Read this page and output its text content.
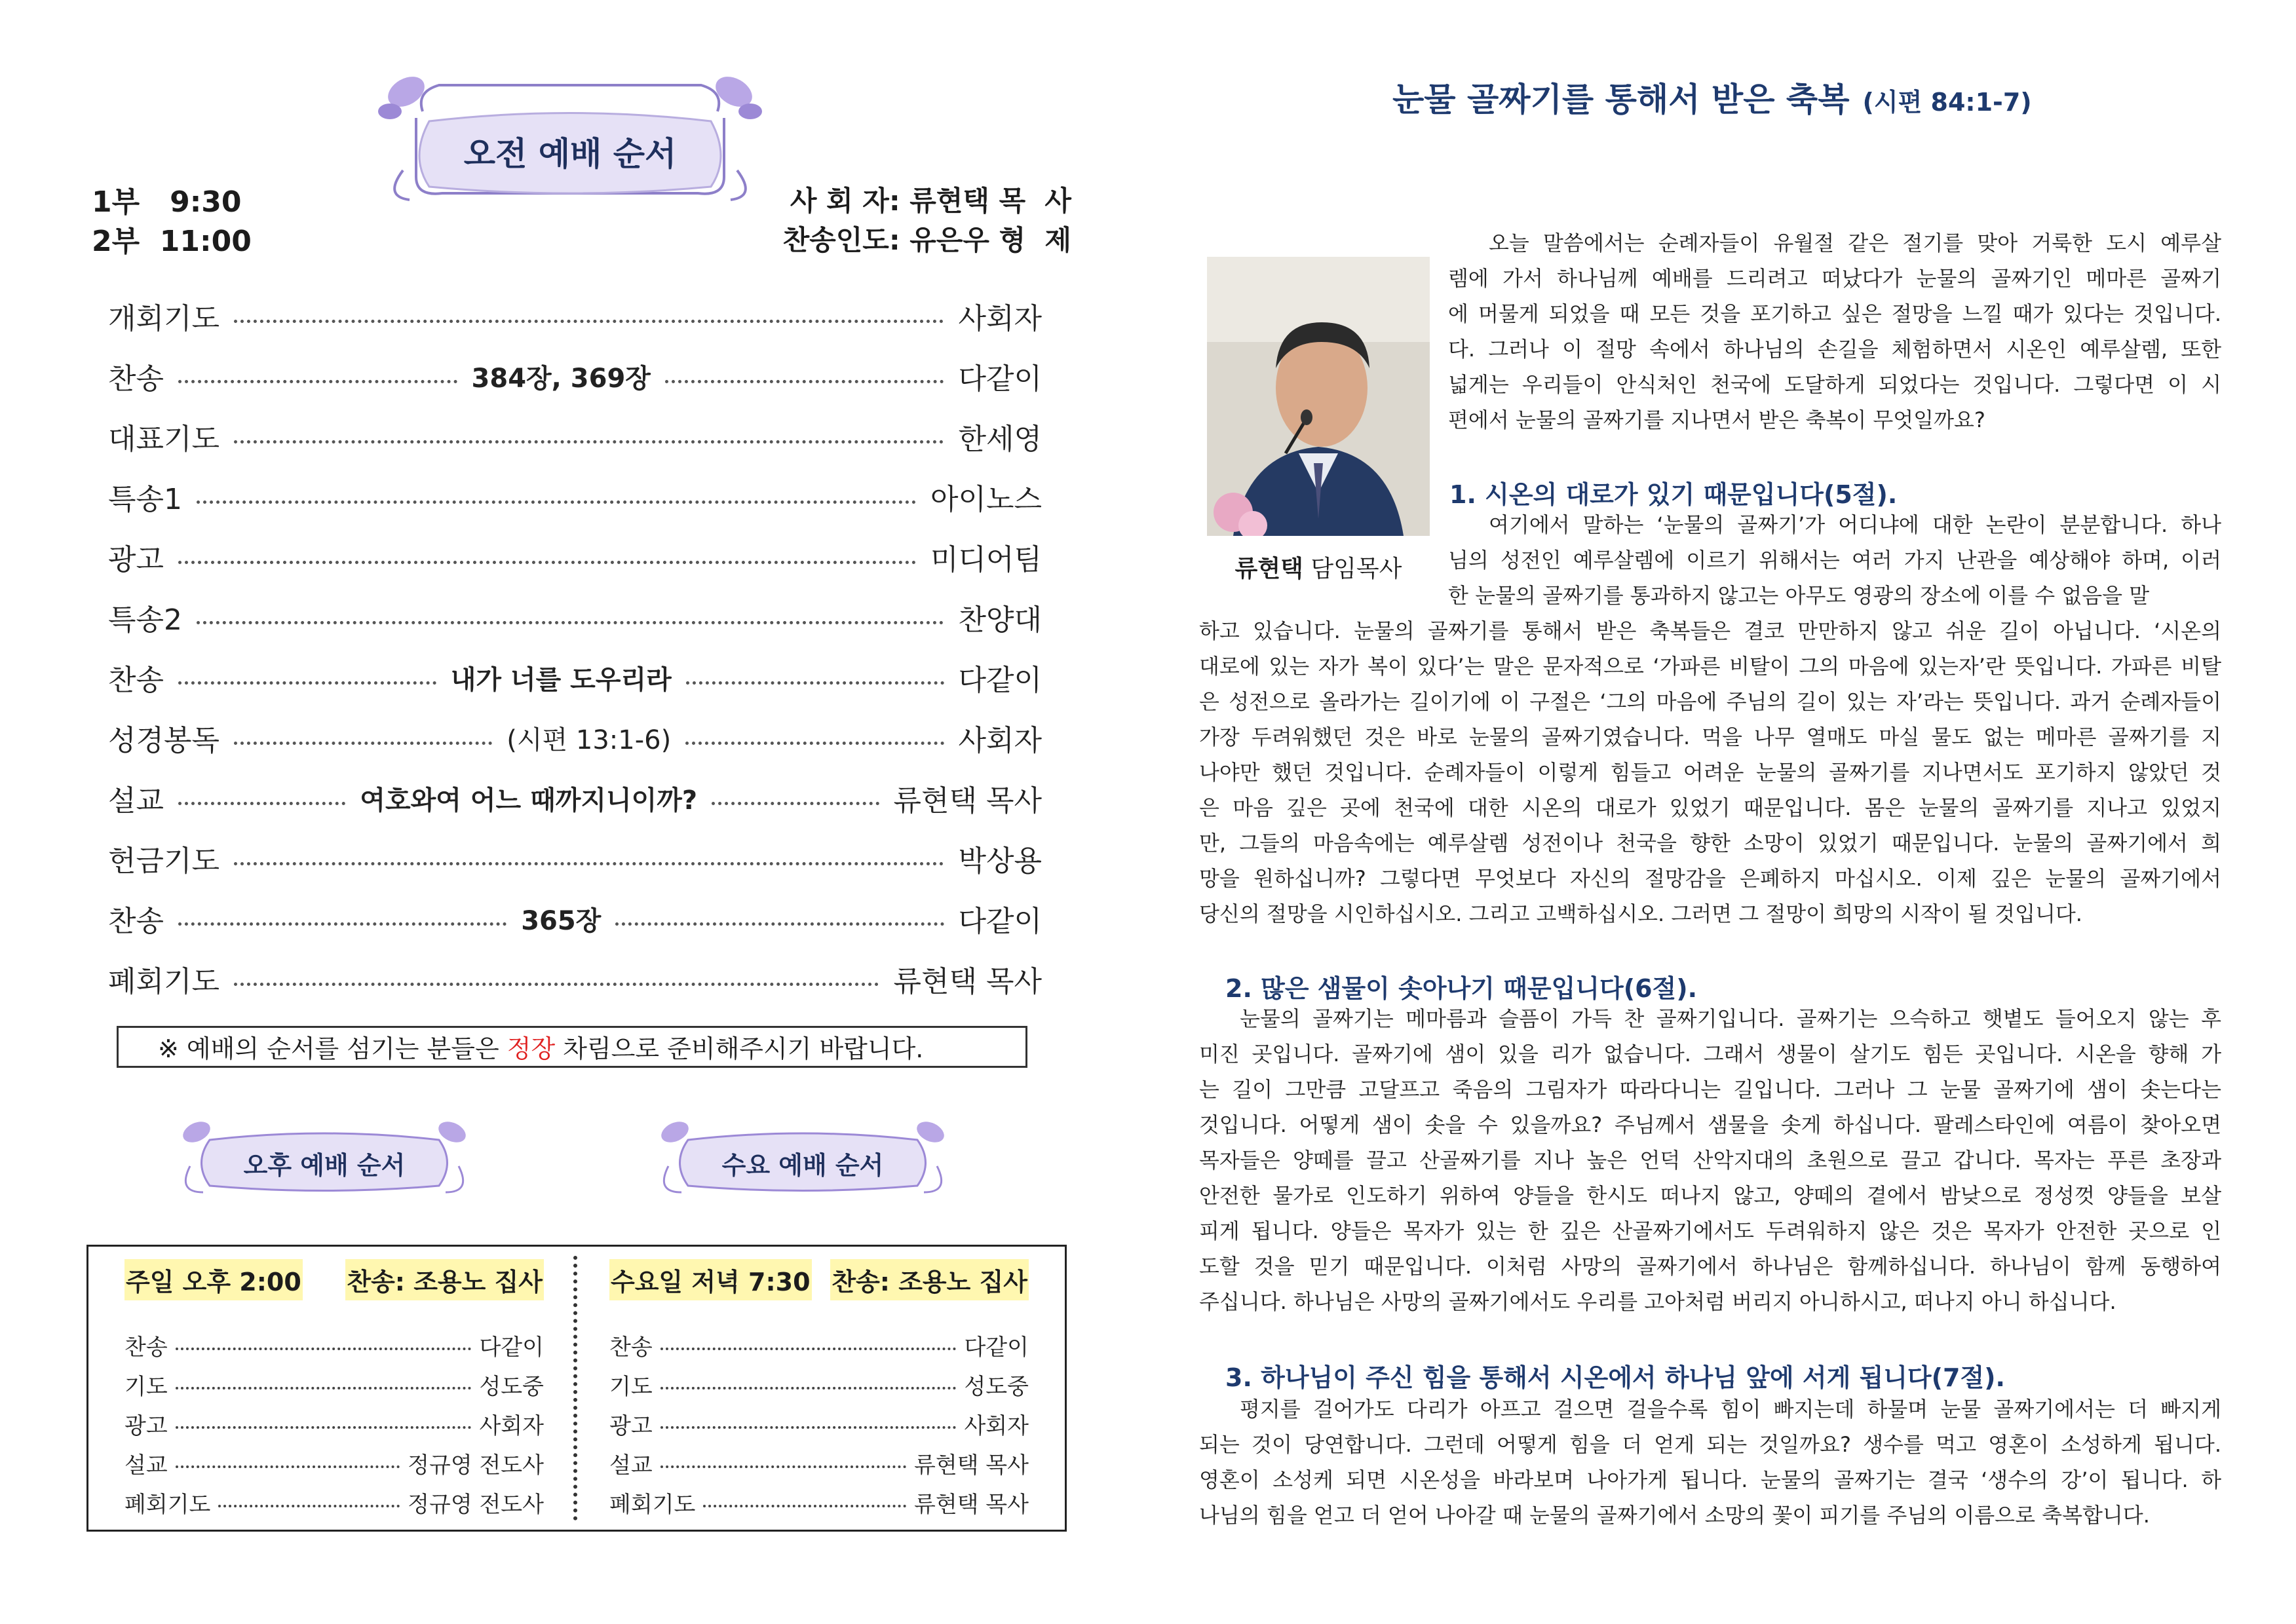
오전 예배 순서
1부   9:30
2부  11:00
사 회 자: 류현택 목  사
찬송인도: 유은우 형  제
개회기도	사회자
찬송	384장, 369장	다같이
대표기도	한세영
특송1	아이노스
광고	미디어팀
특송2	찬양대
찬송	내가 너를 도우리라	다같이
성경봉독	(시편 13:1-6)	사회자
설교	여호와여 어느 때까지니이까?	류현택 목사
헌금기도	박상용
찬송	365장	다같이
폐회기도	류현택 목사
※ 예배의 순서를 섬기는 분들은 정장 차림으로 준비해주시기 바랍니다.
오후 예배 순서	수요 예배 순서
주일 오후 2:00 찬송: 조용노 집사
찬송	다같이
기도	성도중
광고	사회자
설교	정규영 전도사
폐회기도	정규영 전도사
수요일 저녁 7:30 찬송: 조용노 집사
찬송	다같이
기도	성도중
광고	사회자
설교	류현택 목사
폐회기도	류현택 목사
눈물 골짜기를 통해서 받은 축복 (시편 84:1-7)
류현택 담임목사
오늘 말씀에서는 순례자들이 유월절 같은 절기를 맞아 거룩한 도시 예루살
렘에 가서 하나님께 예배를 드리려고 떠났다가 눈물의 골짜기인 메마른 골짜기
에 머물게 되었을 때 모든 것을 포기하고 싶은 절망을 느낄 때가 있다는 것입니다.
다. 그러나 이 절망 속에서 하나님의 손길을 체험하면서 시온인 예루살렘, 또한
넓게는 우리들이 안식처인 천국에 도달하게 되었다는 것입니다. 그렇다면 이 시
편에서 눈물의 골짜기를 지나면서 받은 축복이 무엇일까요?
1. 시온의 대로가 있기 때문입니다(5절).
여기에서 말하는 ‘눈물의 골짜기’가 어디냐에 대한 논란이 분분합니다. 하나
님의 성전인 예루살렘에 이르기 위해서는 여러 가지 난관을 예상해야 하며, 이러
한 눈물의 골짜기를 통과하지 않고는 아무도 영광의 장소에 이를 수 없음을 말
하고 있습니다. 눈물의 골짜기를 통해서 받은 축복들은 결코 만만하지 않고 쉬운 길이 아닙니다. ‘시온의
대로에 있는 자가 복이 있다’는 말은 문자적으로 ‘가파른 비탈이 그의 마음에 있는자’란 뜻입니다. 가파른 비탈
은 성전으로 올라가는 길이기에 이 구절은 ‘그의 마음에 주님의 길이 있는 자’라는 뜻입니다. 과거 순례자들이
가장 두려워했던 것은 바로 눈물의 골짜기였습니다. 먹을 나무 열매도 마실 물도 없는 메마른 골짜기를 지
나야만 했던 것입니다. 순례자들이 이렇게 힘들고 어려운 눈물의 골짜기를 지나면서도 포기하지 않았던 것
은 마음 깊은 곳에 천국에 대한 시온의 대로가 있었기 때문입니다. 몸은 눈물의 골짜기를 지나고 있었지
만, 그들의 마음속에는 예루살렘 성전이나 천국을 향한 소망이 있었기 때문입니다. 눈물의 골짜기에서 희
망을 원하십니까? 그렇다면 무엇보다 자신의 절망감을 은폐하지 마십시오. 이제 깊은 눈물의 골짜기에서
당신의 절망을 시인하십시오. 그리고 고백하십시오. 그러면 그 절망이 희망의 시작이 될 것입니다.
2. 많은 샘물이 솟아나기 때문입니다(6절).
눈물의 골짜기는 메마름과 슬픔이 가득 찬 골짜기입니다. 골짜기는 으슥하고 햇볕도 들어오지 않는 후
미진 곳입니다. 골짜기에 샘이 있을 리가 없습니다. 그래서 생물이 살기도 힘든 곳입니다. 시온을 향해 가
는 길이 그만큼 고달프고 죽음의 그림자가 따라다니는 길입니다. 그러나 그 눈물 골짜기에 샘이 솟는다는
것입니다. 어떻게 샘이 솟을 수 있을까요? 주님께서 샘물을 솟게 하십니다. 팔레스타인에 여름이 찾아오면
목자들은 양떼를 끌고 산골짜기를 지나 높은 언덕 산악지대의 초원으로 끌고 갑니다. 목자는 푸른 초장과
안전한 물가로 인도하기 위하여 양들을 한시도 떠나지 않고, 양떼의 곁에서 밤낮으로 정성껏 양들을 보살
피게 됩니다. 양들은 목자가 있는 한 깊은 산골짜기에서도 두려워하지 않은 것은 목자가 안전한 곳으로 인
도할 것을 믿기 때문입니다. 이처럼 사망의 골짜기에서 하나님은 함께하십니다. 하나님이 함께 동행하여
주십니다. 하나님은 사망의 골짜기에서도 우리를 고아처럼 버리지 아니하시고, 떠나지 아니 하십니다.
3. 하나님이 주신 힘을 통해서 시온에서 하나님 앞에 서게 됩니다(7절).
평지를 걸어가도 다리가 아프고 걸으면 걸을수록 힘이 빠지는데 하물며 눈물 골짜기에서는 더 빠지게
되는 것이 당연합니다. 그런데 어떻게 힘을 더 얻게 되는 것일까요? 생수를 먹고 영혼이 소성하게 됩니다.
영혼이 소성케 되면 시온성을 바라보며 나아가게 됩니다. 눈물의 골짜기는 결국 ‘생수의 강’이 됩니다. 하
나님의 힘을 얻고 더 얻어 나아갈 때 눈물의 골짜기에서 소망의 꽃이 피기를 주님의 이름으로 축복합니다.
